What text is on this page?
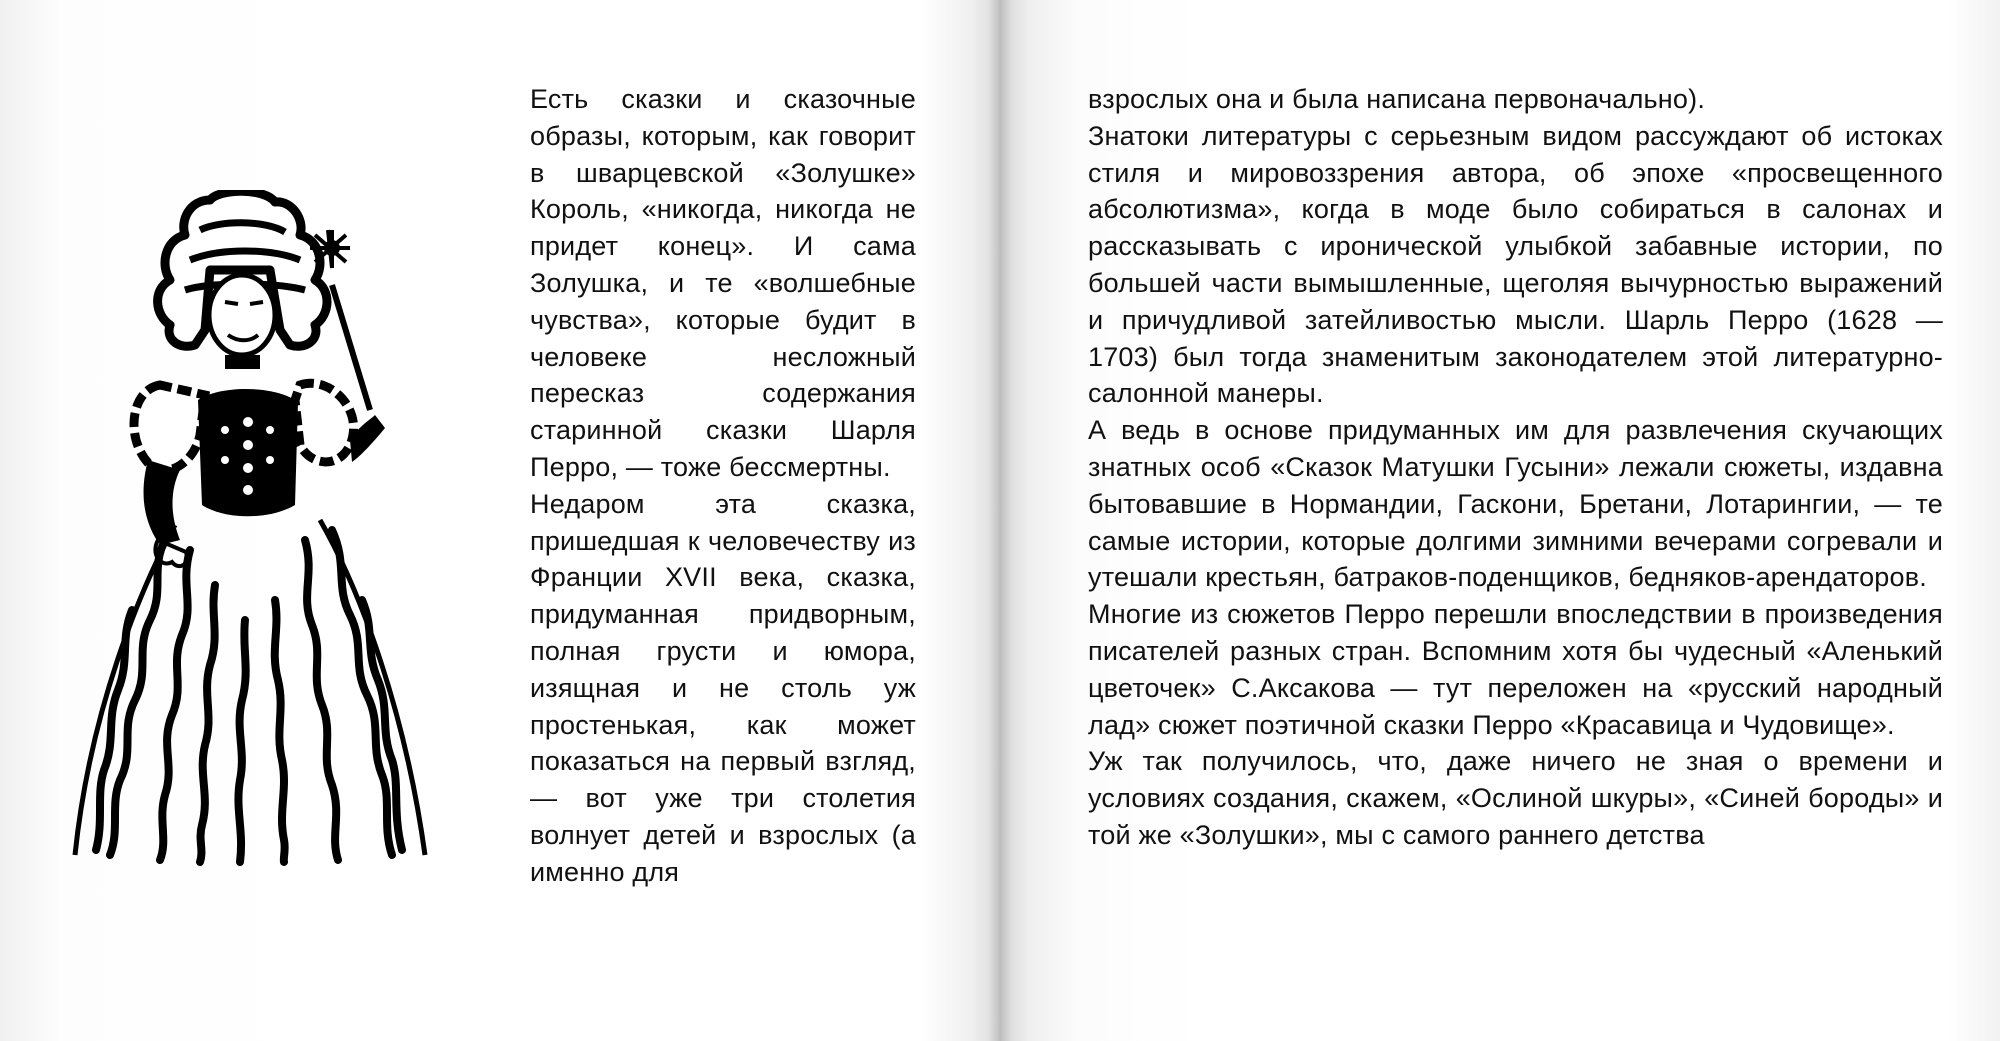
Есть сказки и сказочные образы, которым, как говорит в шварцевской «Золушке» Король, «никогда, никогда не придет конец». И сама Золушка, и те «волшебные чувства», которые будит в человеке несложный пересказ содержания старинной сказки Шарля Перро, — тоже бессмертны.

Недаром эта сказка, пришедшая к человечеству из Франции XVII века, сказка, придуманная придворным, полная грусти и юмора, изящная и не столь уж простенькая, как может показаться на первый взгляд, — вот уже три столетия волнует детей и взрослых (а именно для

взрослых она и была написана первоначально).

Знатоки литературы с серьезным видом рассуждают об истоках стиля и мировоззрения автора, об эпохе «просвещенного абсолютизма», когда в моде было собираться в салонах и рассказывать с иронической улыбкой забавные истории, по большей части вымышленные, щеголяя вычурностью выражений и причудливой затейливостью мысли. Шарль Перро (1628 — 1703) был тогда знаменитым законодателем этой литературно-салонной манеры.

А ведь в основе придуманных им для развлечения скучающих знатных особ «Сказок Матушки Гусыни» лежали сюжеты, издавна бытовавшие в Нормандии, Гаскони, Бретани, Лотарингии, — те самые истории, которые долгими зимними вечерами согревали и утешали крестьян, батраков-поденщиков, бедняков-арендаторов.

Многие из сюжетов Перро перешли впоследствии в произведения писателей разных стран. Вспомним хотя бы чудесный «Аленький цветочек» С.Аксакова — тут переложен на «русский народный лад» сюжет поэтичной сказки Перро «Красавица и Чудовище».

Уж так получилось, что, даже ничего не зная о времени и условиях создания, скажем, «Ослиной шкуры», «Синей бороды» и той же «Золушки», мы с самого раннего детства
